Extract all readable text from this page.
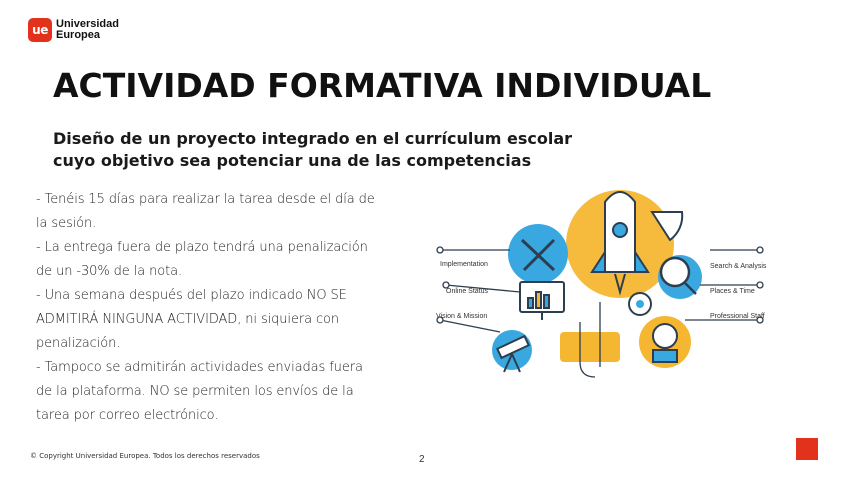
ue Universidad
Europea
ACTIVIDAD FORMATIVA INDIVIDUAL
Diseño de un proyecto integrado en el currículum escolar
cuyo objetivo sea potenciar una de las competencias

- Tenéis 15 días para realizar la tarea desde el día de la sesión.

- La entrega fuera de plazo tendrá una penalización de un -30% de la nota.

- Una semana después del plazo indicado NO SE ADMITIRÁ NINGUNA ACTIVIDAD, ni siquiera con penalización.

- Tampoco se admitirán actividades enviadas fuera de la plataforma. NO se permiten los envíos de la tarea por correo electrónico.

Implementation
Online Status
Vision & Mission
Search & Analysis
Places & Time
Professional Staff
© Copyright Universidad Europea. Todos los derechos reservados	2
